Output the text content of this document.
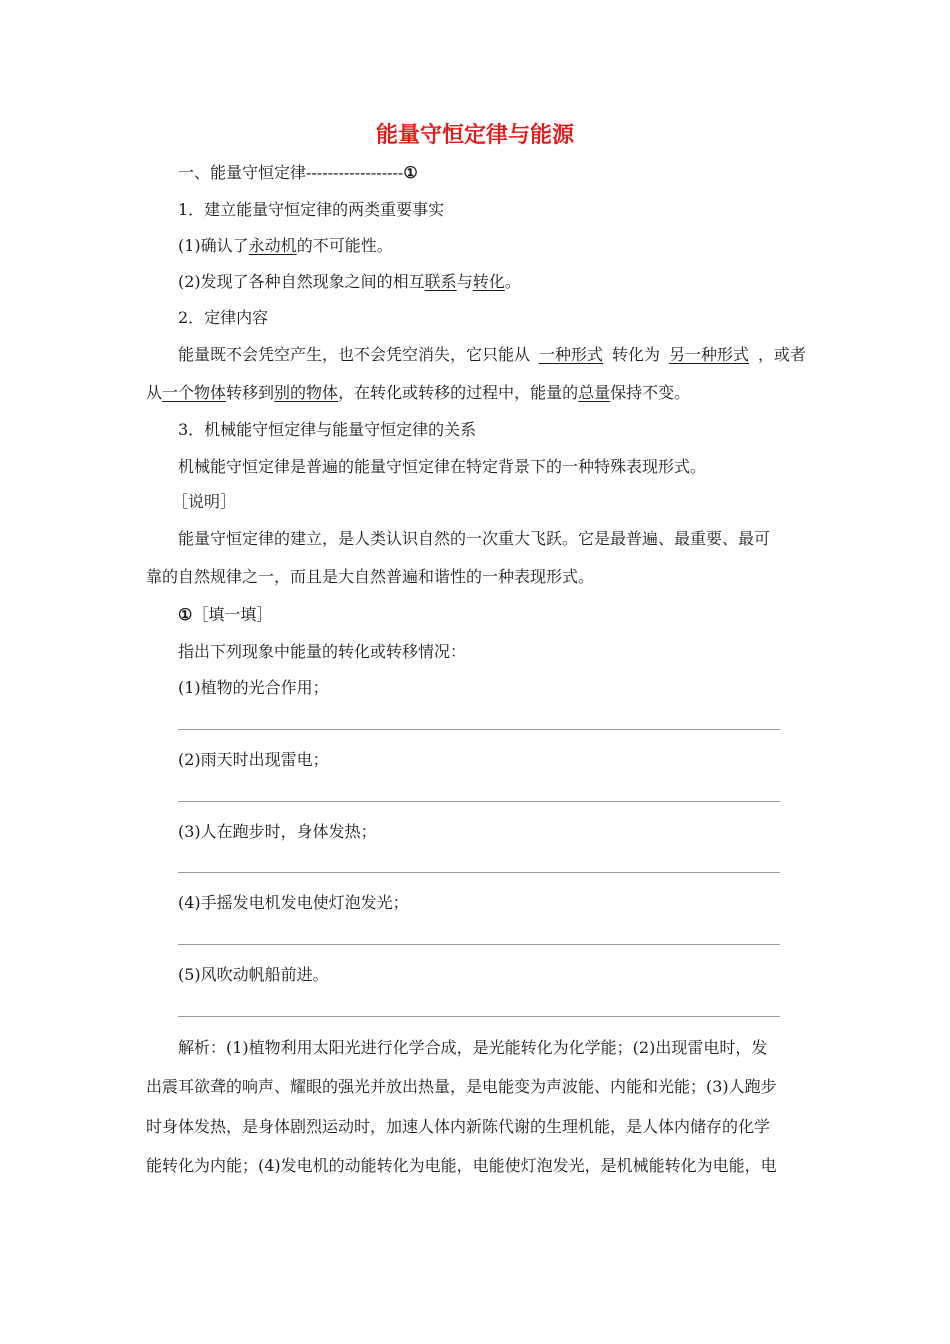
能量守恒定律与能源
一、能量守恒定律------------------①
1．建立能量守恒定律的两类重要事实
(1)确认了永动机的不可能性。
(2)发现了各种自然现象之间的相互联系与转化。
2．定律内容
能量既不会凭空产生，也不会凭空消失，它只能从 一种形式 转化为 另一种形式 ，或者
从一个物体转移到别的物体，在转化或转移的过程中，能量的总量保持不变。
3．机械能守恒定律与能量守恒定律的关系
机械能守恒定律是普遍的能量守恒定律在特定背景下的一种特殊表现形式。
［说明］
能量守恒定律的建立，是人类认识自然的一次重大飞跃。它是最普遍、最重要、最可
靠的自然规律之一，而且是大自然普遍和谐性的一种表现形式。
①［填一填］
指出下列现象中能量的转化或转移情况：
(1)植物的光合作用；
(2)雨天时出现雷电；
(3)人在跑步时，身体发热；
(4)手摇发电机发电使灯泡发光；
(5)风吹动帆船前进。
解析：(1)植物利用太阳光进行化学合成，是光能转化为化学能；(2)出现雷电时，发
出震耳欲聋的响声、耀眼的强光并放出热量，是电能变为声波能、内能和光能；(3)人跑步
时身体发热，是身体剧烈运动时，加速人体内新陈代谢的生理机能，是人体内储存的化学
能转化为内能；(4)发电机的动能转化为电能，电能使灯泡发光，是机械能转化为电能，电
